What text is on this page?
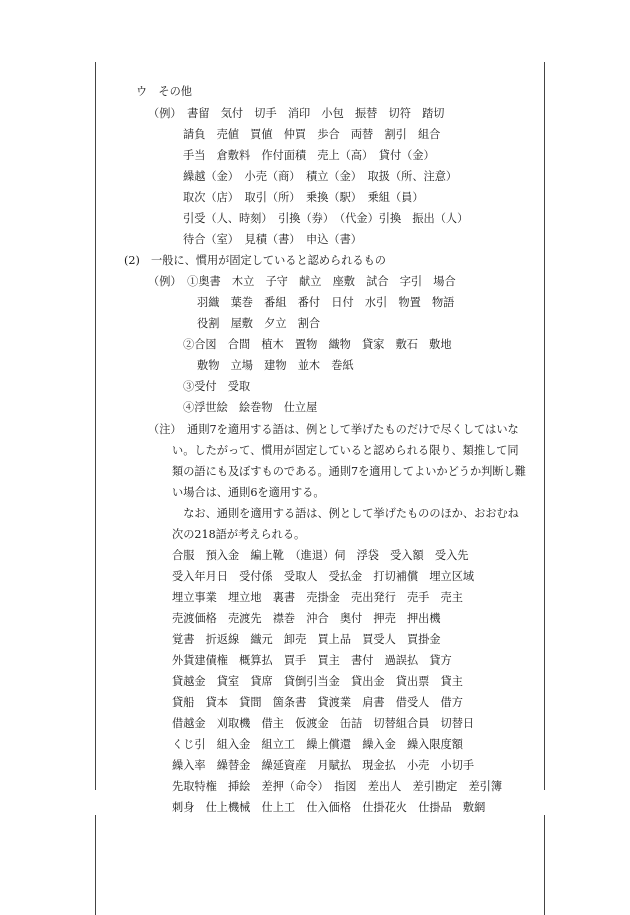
ウ　その他
（例）　書留　気付　切手　消印　小包　振替　切符　踏切
請負　売値　買値　仲買　歩合　両替　割引　組合
手当　倉敷料　作付面積　売上（高）　貸付（金）
繰越（金）　小売（商）　積立（金）　取扱（所、注意）
取次（店）　取引（所）　乗換（駅）　乗組（員）
引受（人、時刻）　引換（券）　（代金）引換　振出（人）
待合（室）　見積（書）　申込（書）
(2)　一般に、慣用が固定していると認められるもの
（例）　①奥書　木立　子守　献立　座敷　試合　字引　場合
羽織　葉巻　番組　番付　日付　水引　物置　物語
役割　屋敷　夕立　割合
②合図　合間　植木　置物　織物　貸家　敷石　敷地
敷物　立場　建物　並木　巻紙
③受付　受取
④浮世絵　絵巻物　仕立屋
（注）　通則7を適用する語は、例として挙げたものだけで尽くしてはいな
い。したがって、慣用が固定していると認められる限り、類推して同
類の語にも及ぼすものである。通則7を適用してよいかどうか判断し難
い場合は、通則6を適用する。
　なお、通則を適用する語は、例として挙げたもののほか、おおむね
次の218語が考えられる。
合服　預入金　編上靴　（進退）伺　浮袋　受入額　受入先
受入年月日　受付係　受取人　受払金　打切補償　埋立区域
埋立事業　埋立地　裏書　売掛金　売出発行　売手　売主
売渡価格　売渡先　襟巻　沖合　奥付　押売　押出機
覚書　折返線　織元　卸売　買上品　買受人　買掛金
外貨建債権　概算払　買手　買主　書付　過誤払　貸方
貸越金　貸室　貸席　貸倒引当金　貸出金　貸出票　貸主
貸船　貸本　貸間　箇条書　貸渡業　肩書　借受人　借方
借越金　刈取機　借主　仮渡金　缶詰　切替組合員　切替日
くじ引　組入金　組立工　繰上償還　繰入金　繰入限度額
繰入率　繰替金　繰延資産　月賦払　現金払　小売　小切手
先取特権　挿絵　差押（命令）　指図　差出人　差引勘定　差引簿
刺身　仕上機械　仕上工　仕入価格　仕掛花火　仕掛品　敷網
